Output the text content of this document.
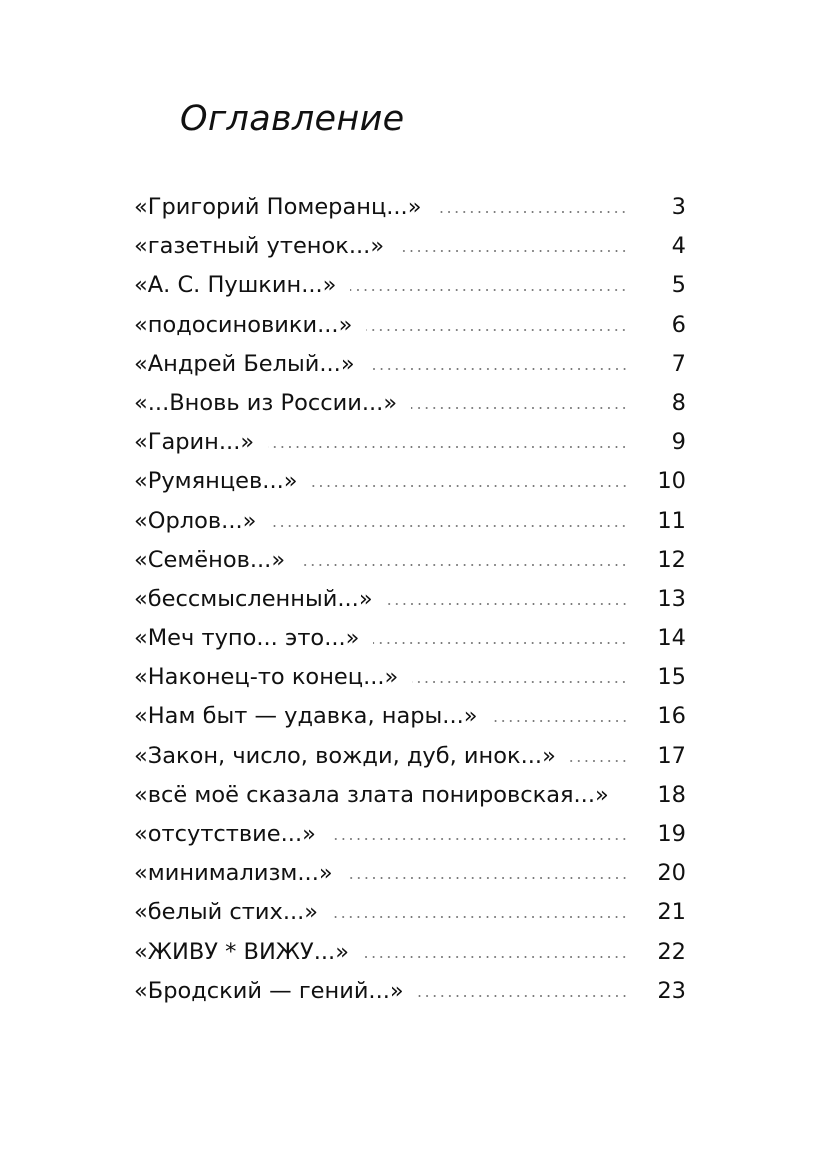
Оглавление
«Григорий Померанц...»	3
«газетный утенок...»	4
«А. С. Пушкин...»	5
«подосиновики...»	6
«Андрей Белый...»	7
«...Вновь из России...»	8
«Гарин...»	9
«Румянцев...»	10
«Орлов...»	11
«Семёнов...»	12
«бессмысленный...»	13
«Меч тупо... это...»	14
«Наконец-то конец...»	15
«Нам быт — удавка, нары...»	16
«Закон, число, вожди, дуб, инок...»	17
«всё моё сказала злата понировская...»	18
«отсутствие...»	19
«минимализм...»	20
«белый стих...»	21
«ЖИВУ * ВИЖУ...»	22
«Бродский — гений...»	23
